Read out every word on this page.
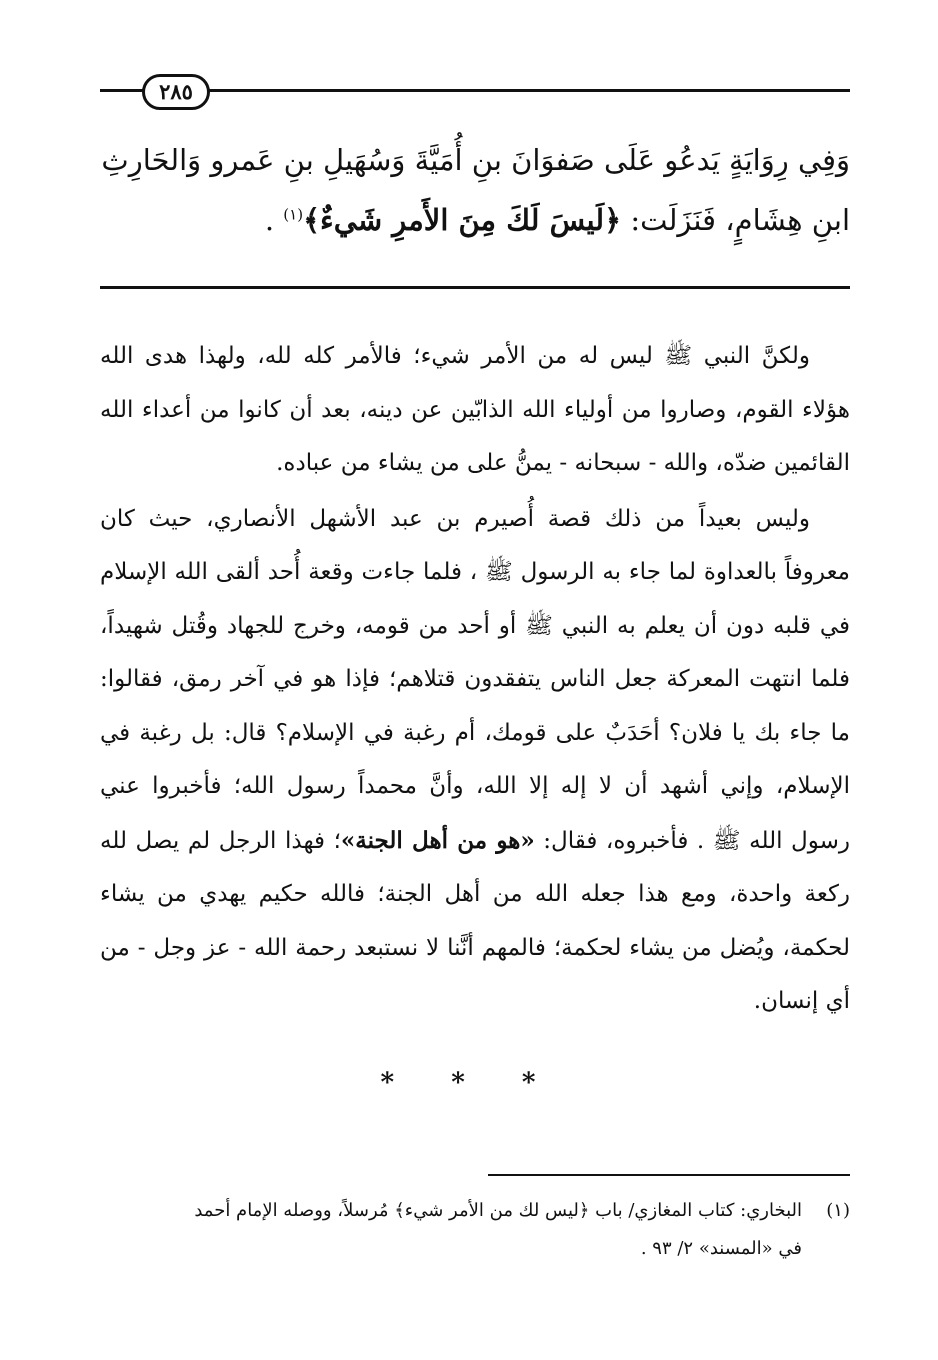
٢٨٥
وَفِي رِوَايَةٍ يَدعُو عَلَى صَفوَانَ بنِ أُمَيَّةَ وَسُهَيلِ بنِ عَمرو وَالحَارِثِ
ابنِ هِشَامٍ، فَنَزَلَت: ﴿لَيسَ لَكَ مِنَ الأَمرِ شَيءٌ﴾$^{(١)}$ .

ولكنَّ النبي ﷺ ليس له من الأمر شيء؛ فالأمر كله لله، ولهذا هدى الله هؤلاء القوم، وصاروا من أولياء الله الذابّين عن دينه، بعد أن كانوا من أعداء الله القائمين ضدّه، والله - سبحانه - يمنُّ على من يشاء من عباده.

وليس بعيداً من ذلك قصة أُصيرم بن عبد الأشهل الأنصاري، حيث كان معروفاً بالعداوة لما جاء به الرسول ﷺ ، فلما جاءت وقعة أُحد ألقى الله الإسلام في قلبه دون أن يعلم به النبي ﷺ أو أحد من قومه، وخرج للجهاد وقُتل شهيداً، فلما انتهت المعركة جعل الناس يتفقدون قتلاهم؛ فإذا هو في آخر رمق، فقالوا: ما جاء بك يا فلان؟ أحَدَبٌ على قومك، أم رغبة في الإسلام؟ قال: بل رغبة في الإسلام، وإني أشهد أن لا إله إلا الله، وأنَّ محمداً رسول الله؛ فأخبروا عني رسول الله ﷺ . فأخبروه، فقال: «هو من أهل الجنة»؛ فهذا الرجل لم يصل لله ركعة واحدة، ومع هذا جعله الله من أهل الجنة؛ فالله حكيم يهدي من يشاء لحكمة، ويُضل من يشاء لحكمة؛ فالمهم أنَّنا لا نستبعد رحمة الله - عز وجل - من أي إنسان.

* * *
(١)
البخاري: كتاب المغازي/ باب ﴿ليس لك من الأمر شيء﴾ مُرسلاً، ووصله الإمام أحمد
في «المسند» ٢/ ٩٣ .
